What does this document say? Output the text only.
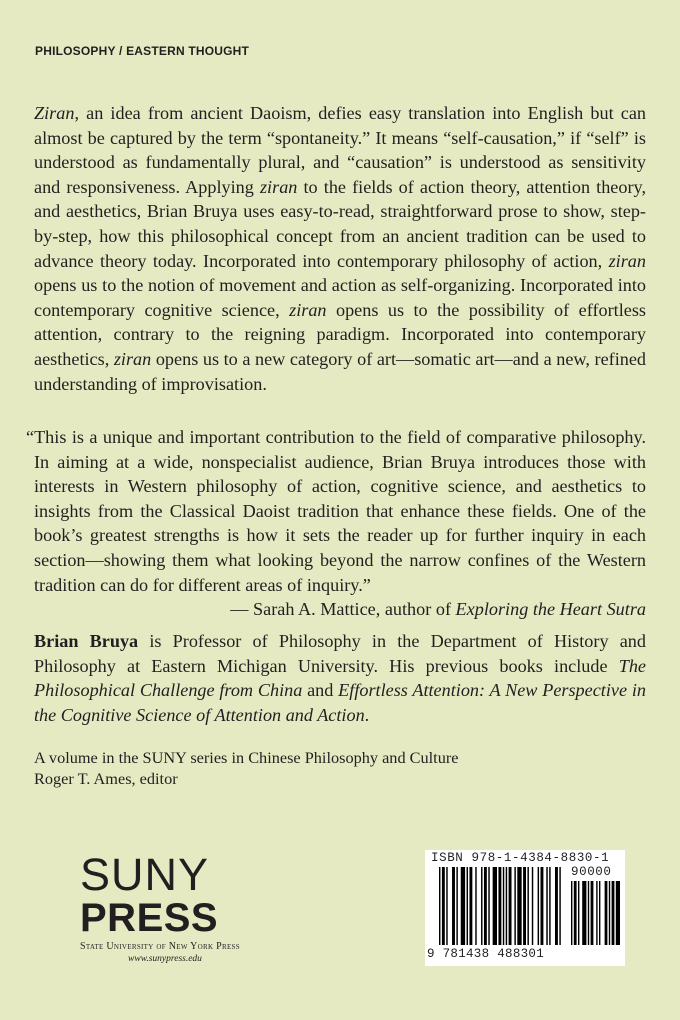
PHILOSOPHY / EASTERN THOUGHT
Ziran, an idea from ancient Daoism, defies easy translation into English but can almost be captured by the term “spontaneity.” It means “self-causation,” if “self” is understood as fundamentally plural, and “causation” is understood as sensitivity and responsiveness. Applying ziran to the fields of action theory, attention theory, and aesthetics, Brian Bruya uses easy-to-read, straightforward prose to show, step-by-step, how this philosophical concept from an ancient tradition can be used to advance theory today. Incorporated into contemporary philosophy of action, ziran opens us to the notion of movement and action as self-organizing. Incorporated into contemporary cognitive science, ziran opens us to the possibility of effortless attention, contrary to the reigning paradigm. Incorporated into contemporary aesthetics, ziran opens us to a new category of art—somatic art—and a new, refined understanding of improvisation.

“This is a unique and important contribution to the field of comparative philosophy. In aiming at a wide, nonspecialist audience, Brian Bruya introduces those with interests in Western philosophy of action, cognitive science, and aesthetics to insights from the Classical Daoist tradition that enhance these fields. One of the book’s greatest strengths is how it sets the reader up for further inquiry in each section—showing them what looking beyond the narrow confines of the Western tradition can do for different areas of inquiry.”

— Sarah A. Mattice, author of Exploring the Heart Sutra

Brian Bruya is Professor of Philosophy in the Department of History and Philosophy at Eastern Michigan University. His previous books include The Philosophical Challenge from China and Effortless Attention: A New Perspective in the Cognitive Science of Attention and Action.
A volume in the SUNY series in Chinese Philosophy and Culture
Roger T. Ames, editor
SUNY
PRESS
State University of New York Press
www.sunypress.edu
ISBN 978-1-4384-8830-1
90000
9 781438 488301
